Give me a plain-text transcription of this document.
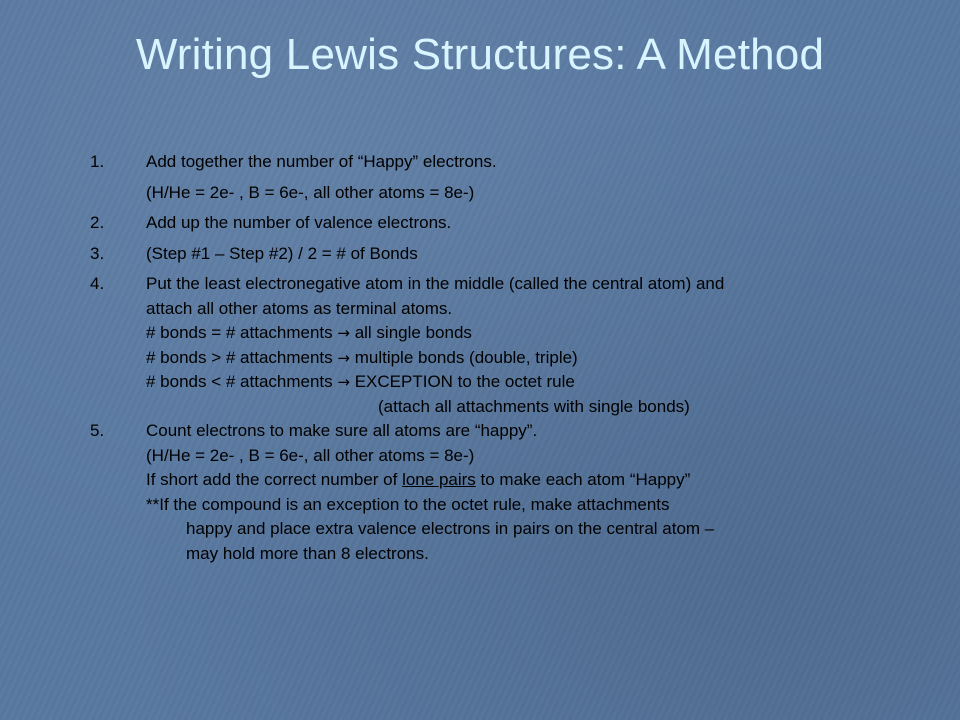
Writing Lewis Structures: A Method
1. Add together the number of “Happy” electrons.
(H/He = 2e- , B = 6e-, all other atoms = 8e-)
2. Add up the number of valence electrons.
3. (Step #1 – Step #2) / 2 = # of Bonds
4. Put the least electronegative atom in the middle (called the central atom) and
attach all other atoms as terminal atoms.
# bonds = # attachments → all single bonds
# bonds > # attachments → multiple bonds (double, triple)
# bonds < # attachments → EXCEPTION to the octet rule
(attach all attachments with single bonds)
5. Count electrons to make sure all atoms are “happy”.
(H/He = 2e- , B = 6e-, all other atoms = 8e-)
If short add the correct number of lone pairs to make each atom “Happy”
**If the compound is an exception to the octet rule, make attachments
happy and place extra valence electrons in pairs on the central atom –
may hold more than 8 electrons.
